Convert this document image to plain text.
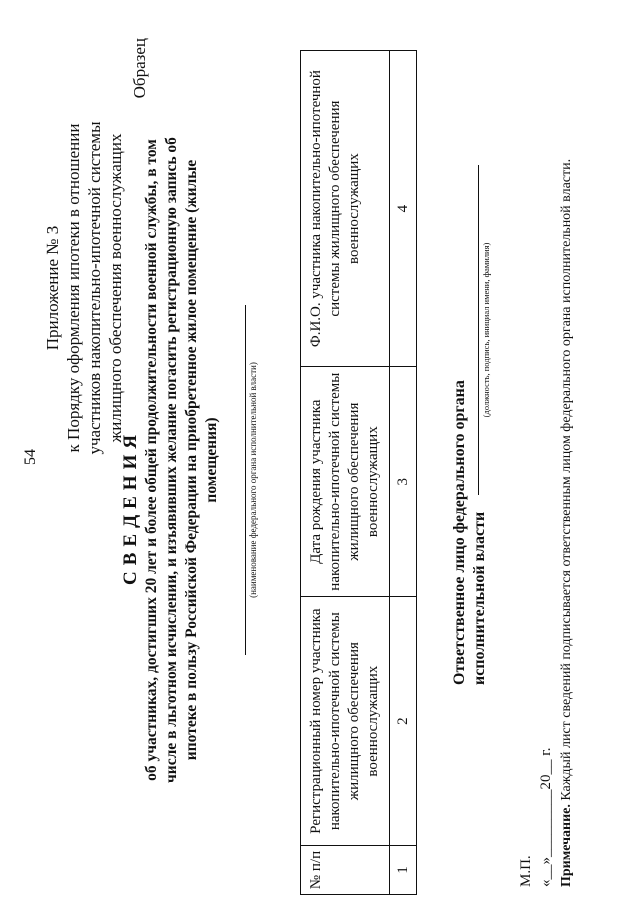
54
Приложение № 3 к Порядку оформления ипотеки в отношении участников накопительно-ипотечной системы жилищного обеспечения военнослужащих
Образец
СВЕДЕНИЯ об участниках, достигших 20 лет и более общей продолжительности военной службы, в том числе в льготном исчислении, и изъявивших желание погасить регистрационную запись об ипотеке в пользу Российской Федерации на приобретенное жилое помещение (жилые помещения)	(наименование федерального органа исполнительной власти)
№ п/п	Регистрационный номер участника накопительно-ипотечной системы жилищного обеспечения военнослужащих	Дата рождения участника накопительно-ипотечной системы жилищного обеспечения военнослужащих	Ф.И.О. участника накопительно-ипотечной системы жилищного обеспечения военнослужащих
1	2	3	4
Ответственное лицо федерального органа исполнительной власти
(должность, подпись, инициал имени, фамилия)
М.П. «__»_________20__ г. Примечание. Каждый лист сведений подписывается ответственным лицом федерального органа исполнительной власти.
